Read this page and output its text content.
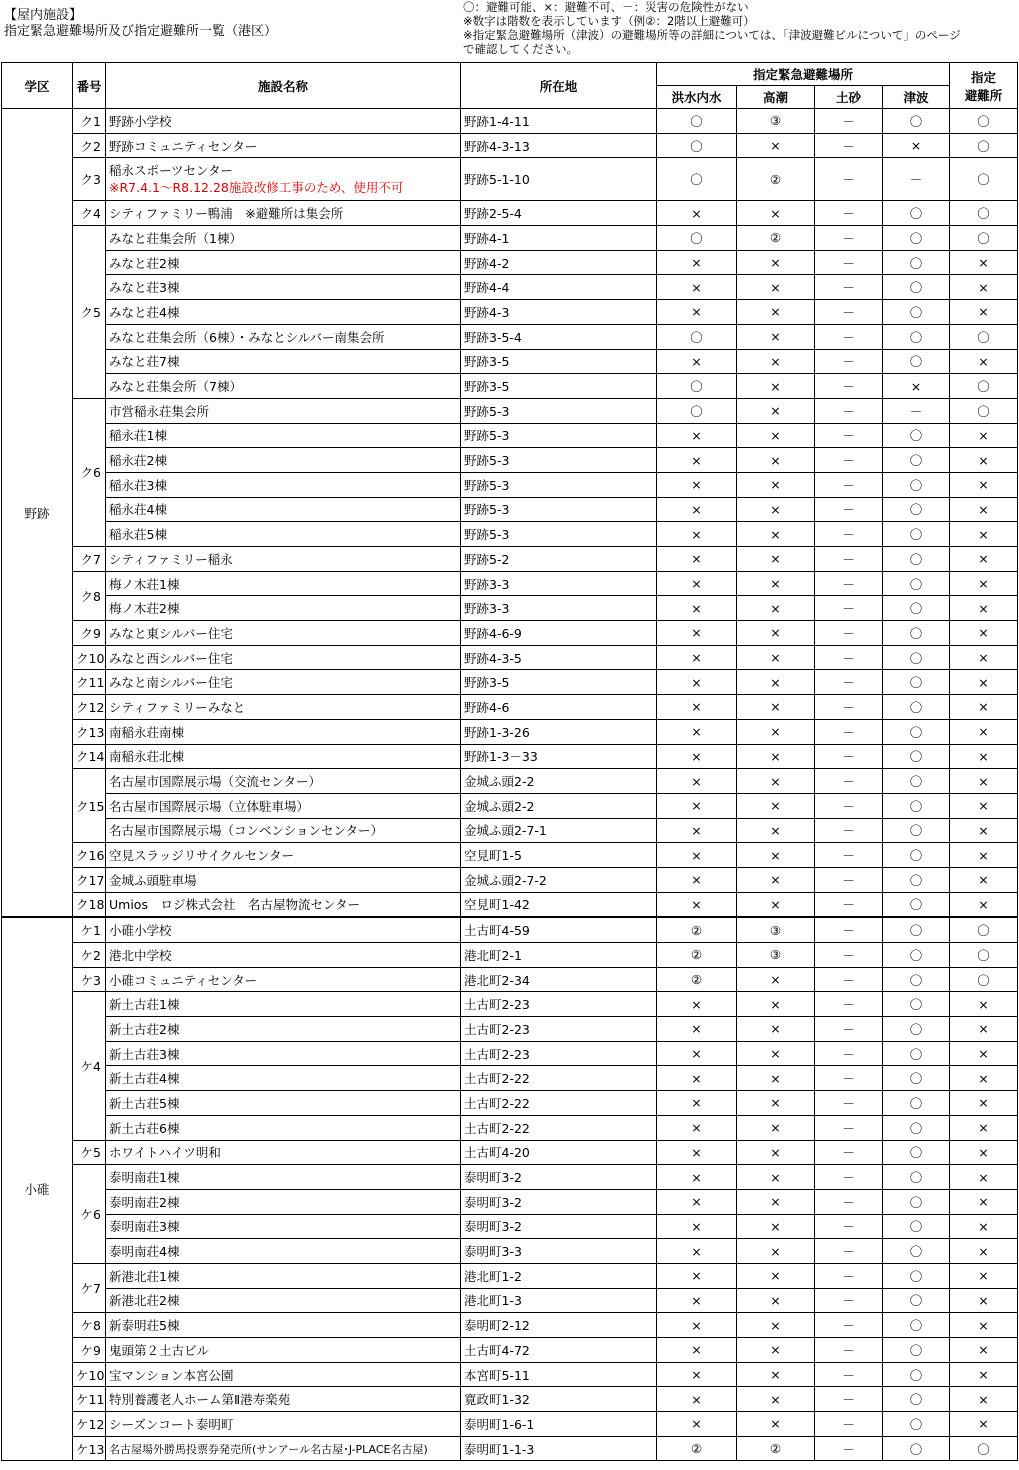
【屋内施設】
指定緊急避難場所及び指定避難所一覧（港区）
〇：避難可能、×：避難不可、－：災害の危険性がない
※数字は階数を表示しています（例②：2階以上避難可）
※指定緊急避難場所（津波）の避難場所等の詳細については、「津波避難ビルについて」のページ
で確認してください。
学区	番号	施設名称	所在地	指定緊急避難場所				指定
避難所

				洪水内水	高潮	土砂	津波	
野跡	ク1	野跡小学校	野跡1-4-11	〇	③	－	〇	〇
	ク2	野跡コミュニティセンター	野跡4-3-13	〇	×	－	×	〇
	ク3	稲永スポーツセンター
※R7.4.1～R8.12.28施設改修工事のため、使用不可	野跡5-1-10	〇	②	－	－	〇
	ク4	シティファミリー鴨浦　※避難所は集会所	野跡2-5-4	×	×	－	〇	〇
	ク5	みなと荘集会所（1棟）	野跡4-1	〇	②	－	〇	〇
		みなと荘2棟	野跡4-2	×	×	－	〇	×
		みなと荘3棟	野跡4-4	×	×	－	〇	×
		みなと荘4棟	野跡4-3	×	×	－	〇	×
		みなと荘集会所（6棟）・みなとシルバー南集会所	野跡3-5-4	〇	×	－	〇	〇
		みなと荘7棟	野跡3-5	×	×	－	〇	×
		みなと荘集会所（7棟）	野跡3-5	〇	×	－	×	〇
	ク6	市営稲永荘集会所	野跡5-3	〇	×	－	－	〇
		稲永荘1棟	野跡5-3	×	×	－	〇	×
		稲永荘2棟	野跡5-3	×	×	－	〇	×
		稲永荘3棟	野跡5-3	×	×	－	〇	×
		稲永荘4棟	野跡5-3	×	×	－	〇	×
		稲永荘5棟	野跡5-3	×	×	－	〇	×
	ク7	シティファミリー稲永	野跡5-2	×	×	－	〇	×
	ク8	梅ノ木荘1棟	野跡3-3	×	×	－	〇	×
		梅ノ木荘2棟	野跡3-3	×	×	－	〇	×
	ク9	みなと東シルバー住宅	野跡4-6-9	×	×	－	〇	×
	ク10	みなと西シルバー住宅	野跡4-3-5	×	×	－	〇	×
	ク11	みなと南シルバー住宅	野跡3-5	×	×	－	〇	×
	ク12	シティファミリーみなと	野跡4-6	×	×	－	〇	×
	ク13	南稲永荘南棟	野跡1-3-26	×	×	－	〇	×
	ク14	南稲永荘北棟	野跡1-3－33	×	×	－	〇	×
	ク15	名古屋市国際展示場（交流センター）	金城ふ頭2-2	×	×	－	〇	×
		名古屋市国際展示場（立体駐車場）	金城ふ頭2-2	×	×	－	〇	×
		名古屋市国際展示場（コンベンションセンター）	金城ふ頭2-7-1	×	×	－	〇	×
	ク16	空見スラッジリサイクルセンター	空見町1-5	×	×	－	〇	×
	ク17	金城ふ頭駐車場	金城ふ頭2-7-2	×	×	－	〇	×
	ク18	Umios　ロジ株式会社　名古屋物流センター	空見町1-42	×	×	－	〇	×
小碓	ケ1	小碓小学校	土古町4-59	②	③	－	〇	〇
	ケ2	港北中学校	港北町2-1	②	③	－	〇	〇
	ケ3	小碓コミュニティセンター	港北町2-34	②	×	－	〇	〇
	ケ4	新土古荘1棟	土古町2-23	×	×	－	〇	×
		新土古荘2棟	土古町2-23	×	×	－	〇	×
		新土古荘3棟	土古町2-23	×	×	－	〇	×
		新土古荘4棟	土古町2-22	×	×	－	〇	×
		新土古荘5棟	土古町2-22	×	×	－	〇	×
		新土古荘6棟	土古町2-22	×	×	－	〇	×
	ケ5	ホワイトハイツ明和	土古町4-20	×	×	－	〇	×
	ケ6	泰明南荘1棟	泰明町3-2	×	×	－	〇	×
		泰明南荘2棟	泰明町3-2	×	×	－	〇	×
		泰明南荘3棟	泰明町3-2	×	×	－	〇	×
		泰明南荘4棟	泰明町3-3	×	×	－	〇	×
	ケ7	新港北荘1棟	港北町1-2	×	×	－	〇	×
		新港北荘2棟	港北町1-3	×	×	－	〇	×
	ケ8	新泰明荘5棟	泰明町2-12	×	×	－	〇	×
	ケ9	鬼頭第２土古ビル	土古町4-72	×	×	－	〇	×
	ケ10	宝マンション本宮公園	本宮町5-11	×	×	－	〇	×
	ケ11	特別養護老人ホーム第Ⅱ港寿楽苑	寛政町1-32	×	×	－	〇	×
	ケ12	シーズンコート泰明町	泰明町1-6-1	×	×	－	〇	×
	ケ13	名古屋場外勝馬投票券発売所(サンアール名古屋･J-PLACE名古屋)	泰明町1-1-3	②	②	－	〇	〇
